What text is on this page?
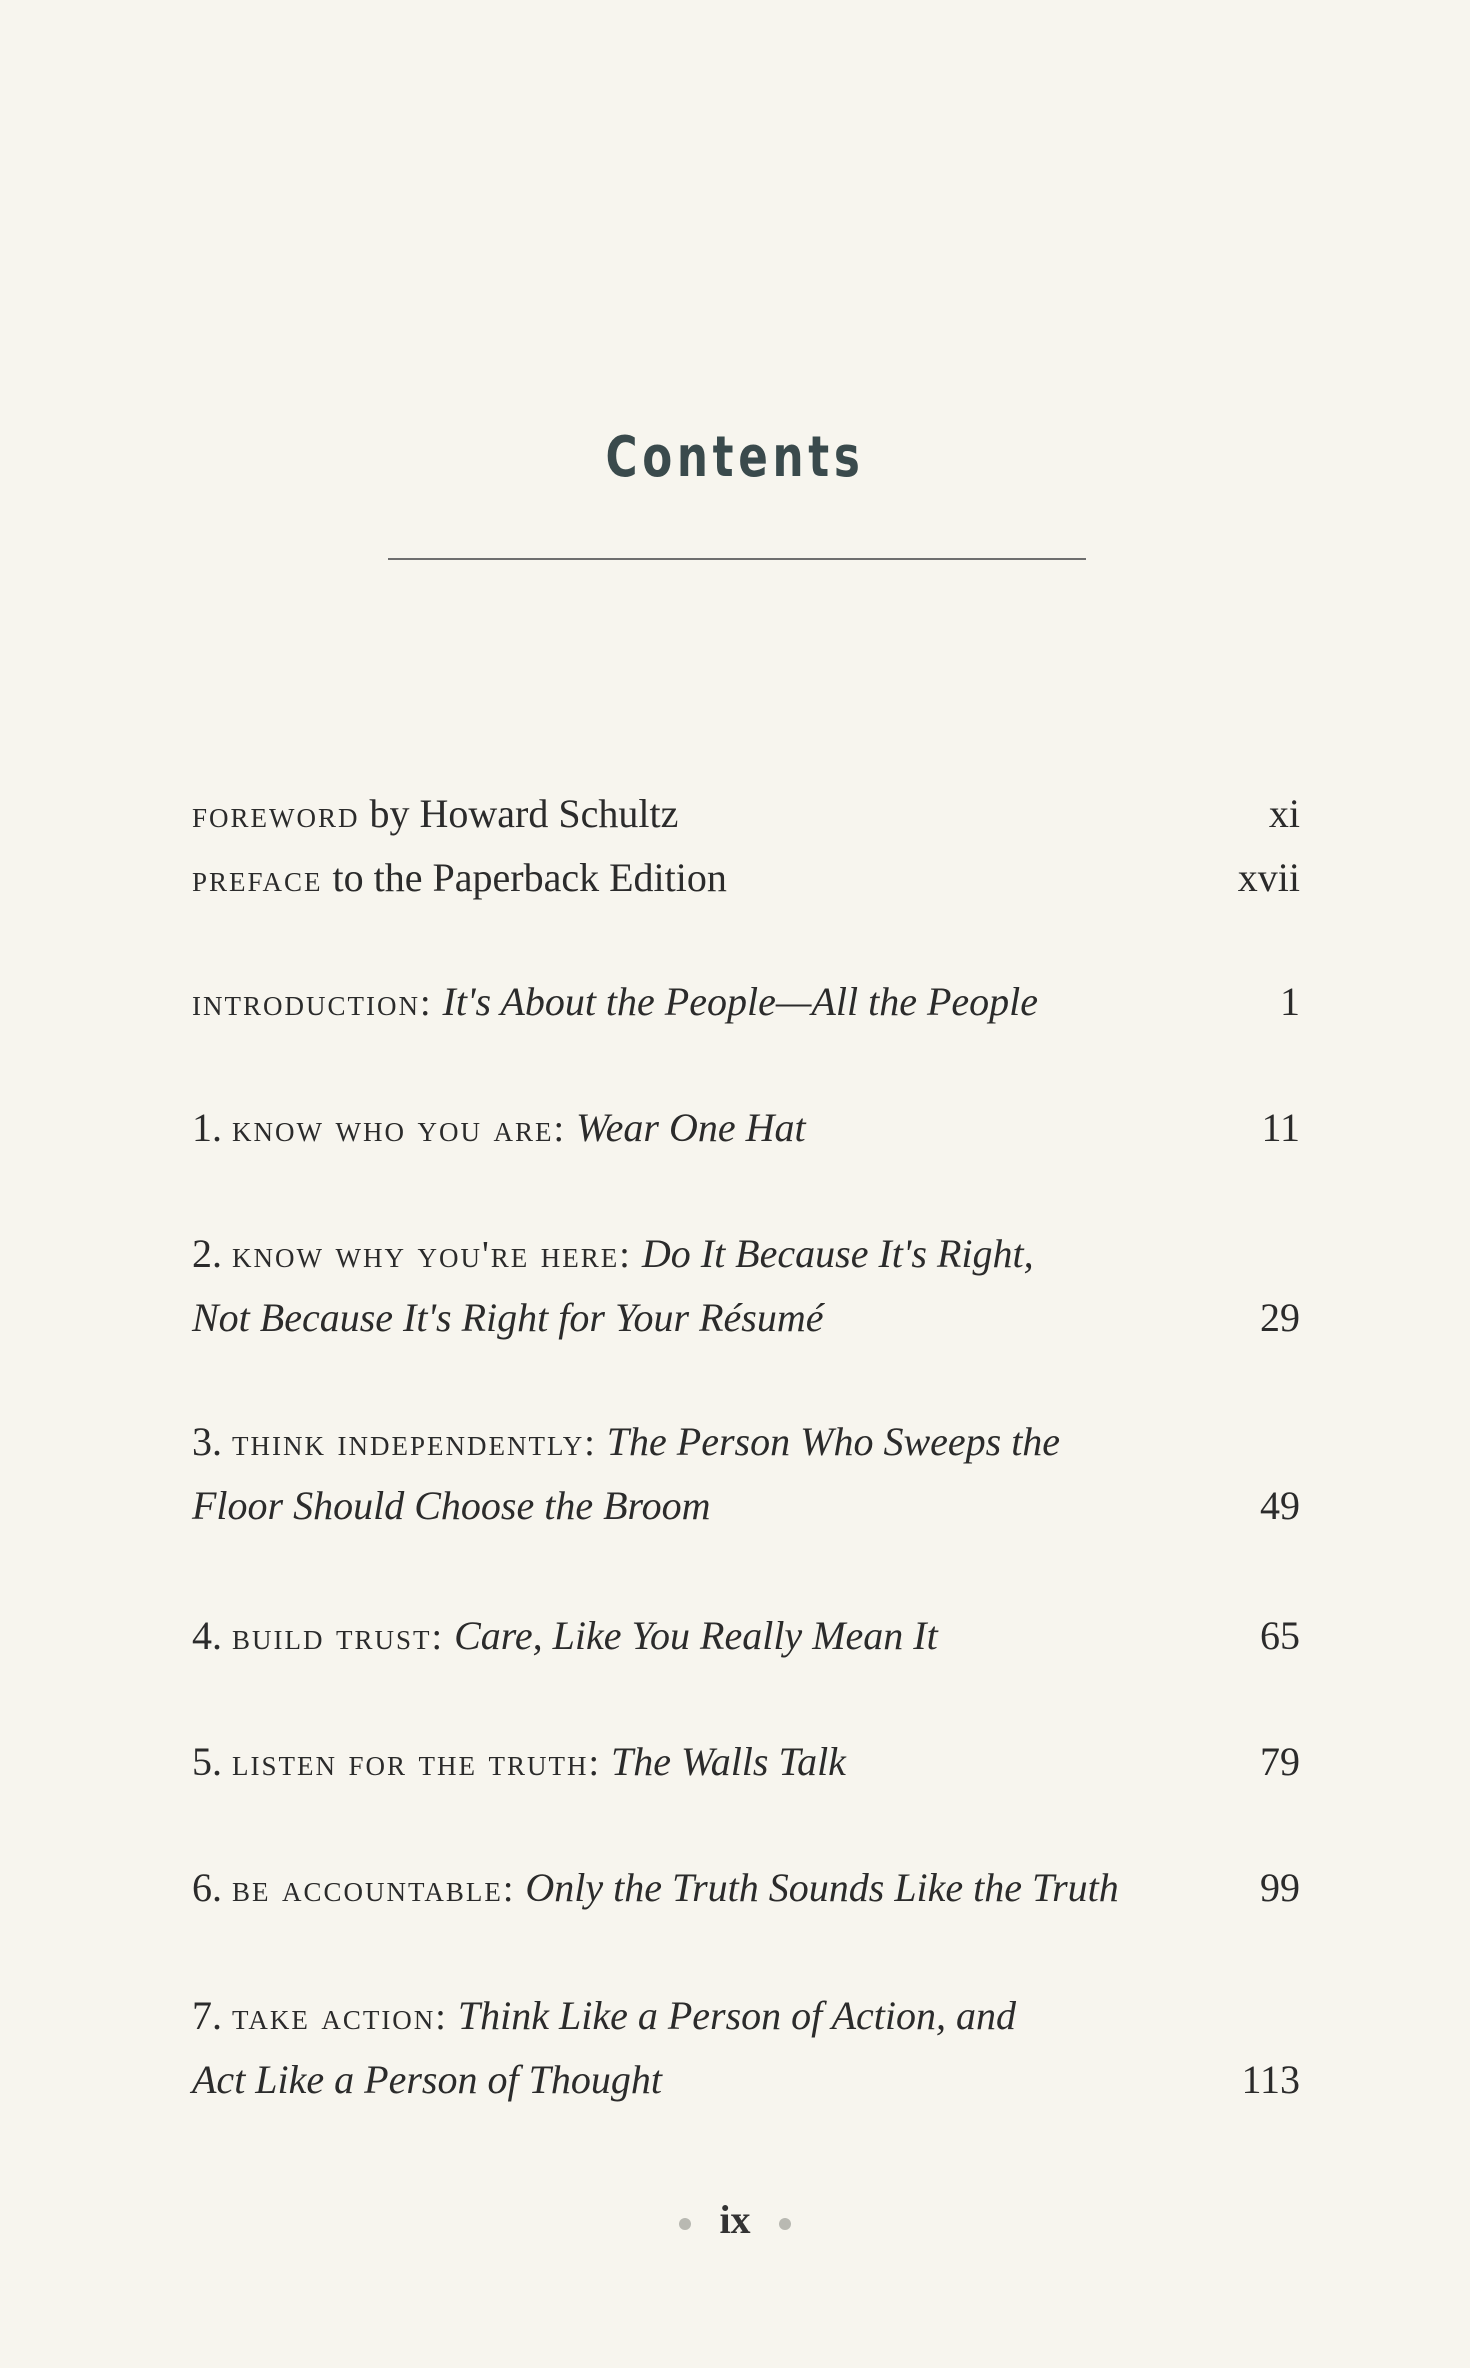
Contents
foreword by Howard Schultz	xi
preface to the Paperback Edition	xvii
introduction: It's About the People—All the People	1
1. know who you are: Wear One Hat	11
2. know why you're here: Do It Because It's Right,
Not Because It's Right for Your Résumé	29
3. think independently: The Person Who Sweeps the
Floor Should Choose the Broom	49
4. build trust: Care, Like You Really Mean It	65
5. listen for the truth: The Walls Talk	79
6. be accountable: Only the Truth Sounds Like the Truth	99
7. take action: Think Like a Person of Action, and
Act Like a Person of Thought	113
ix
